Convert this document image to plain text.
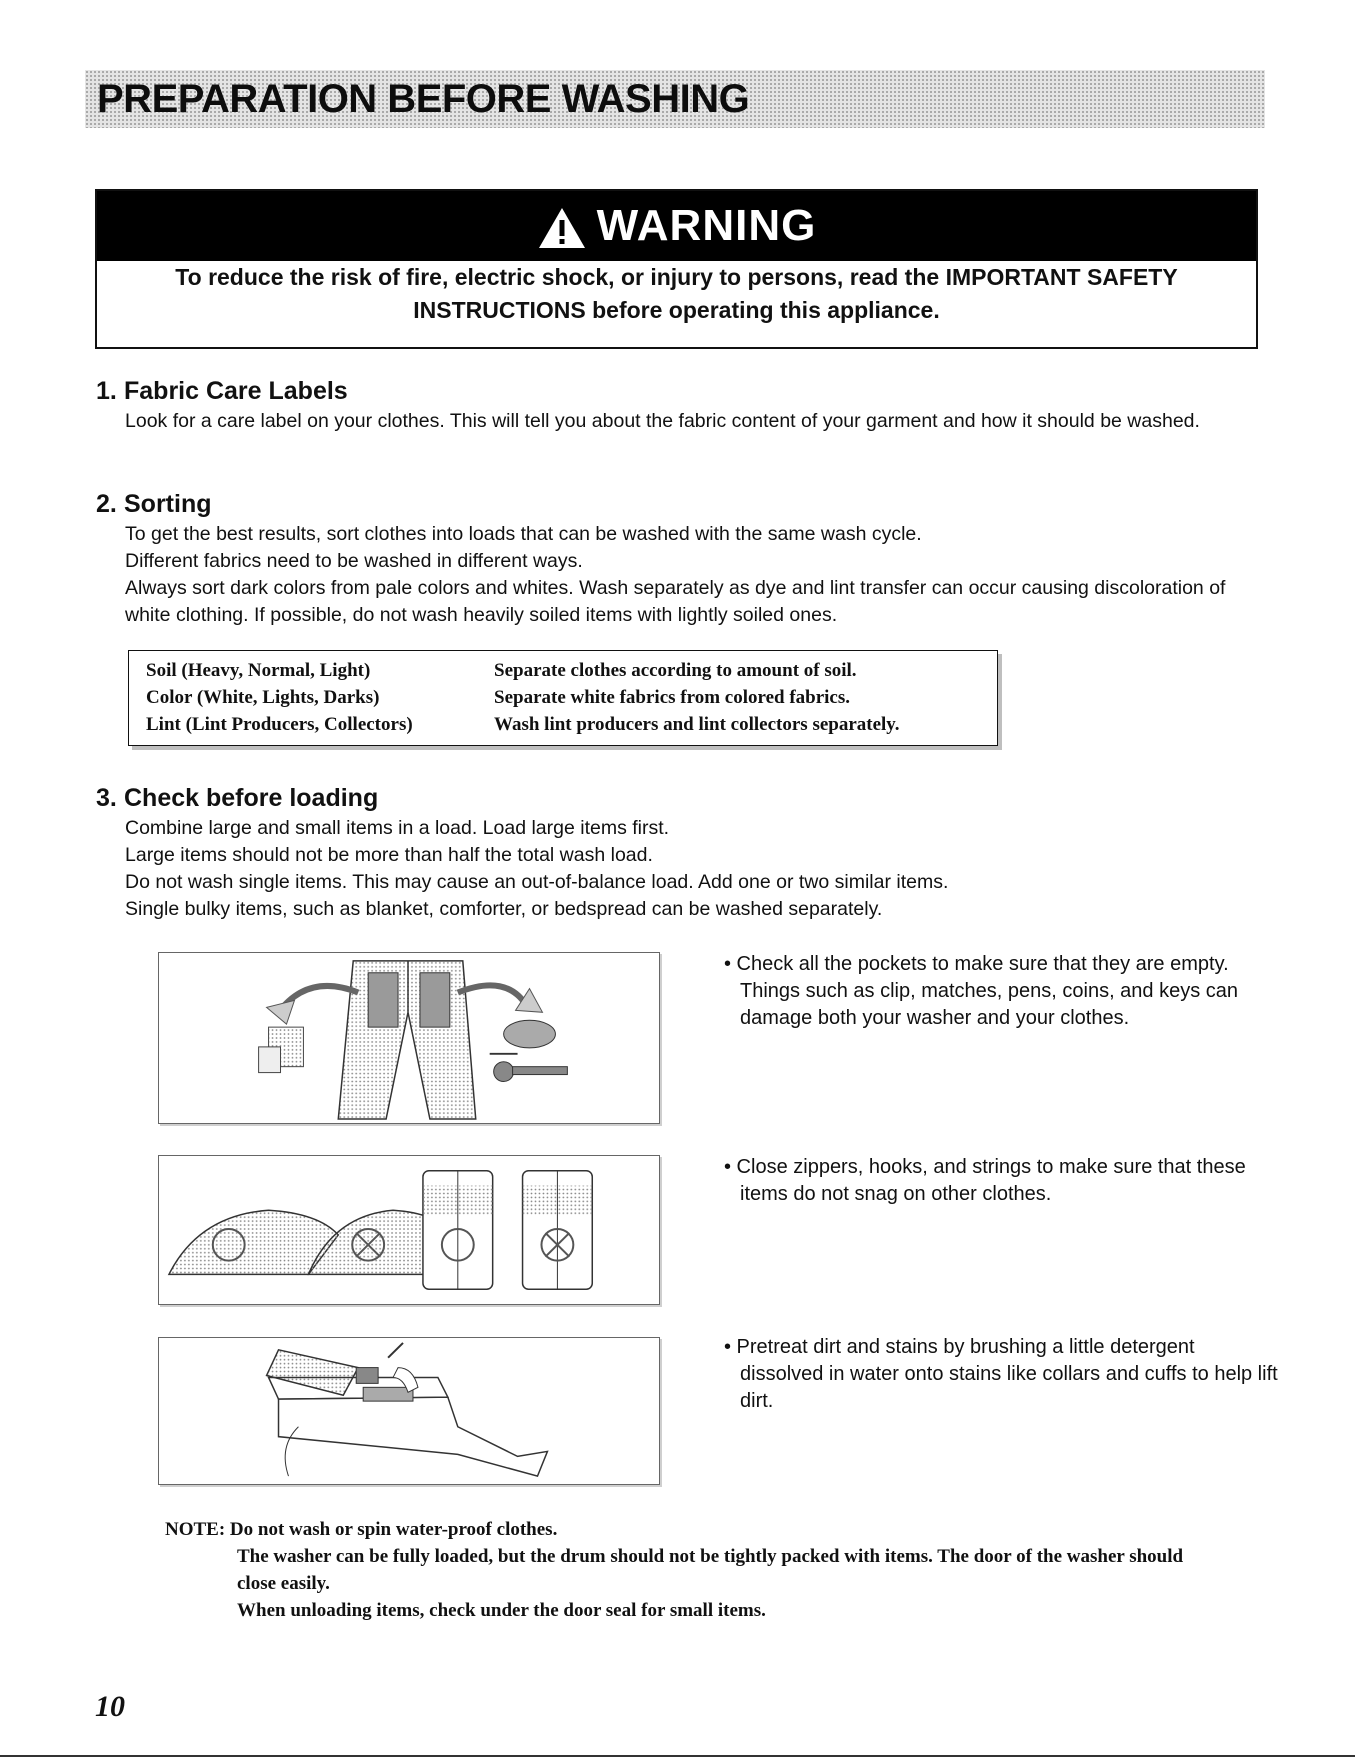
PREPARATION BEFORE WASHING
WARNING
To reduce the risk of fire, electric shock, or injury to persons, read the IMPORTANT SAFETY INSTRUCTIONS before operating this appliance.
1. Fabric Care Labels

Look for a care label on your clothes. This will tell you about the fabric content of your garment and how it should be washed.

2. Sorting

To get the best results, sort clothes into loads that can be washed with the same wash cycle.

Different fabrics need to be washed in different ways.

Always sort dark colors from pale colors and whites. Wash separately as dye and lint transfer can occur causing discoloration of white clothing. If possible, do not wash heavily soiled items with lightly soiled ones.

Soil (Heavy, Normal, Light)	Separate clothes according to amount of soil.
Color (White, Lights, Darks)	Separate white fabrics from colored fabrics.
Lint (Lint Producers, Collectors)	Wash lint producers and lint collectors separately.
3. Check before loading

Combine large and small items in a load. Load large items first.

Large items should not be more than half the total wash load.

Do not wash single items. This may cause an out-of-balance load. Add one or two similar items.

Single bulky items, such as blanket, comforter, or bedspread can be washed separately.

• Check all the pockets to make sure that they are empty. Things such as clip, matches, pens, coins, and keys can damage both your washer and your clothes.
• Close zippers, hooks, and strings to make sure that these items do not snag on other clothes.
• Pretreat dirt and stains by brushing a little detergent dissolved in water onto stains like collars and cuffs to help lift dirt.

NOTE: Do not wash or spin water-proof clothes.

The washer can be fully loaded, but the drum should not be tightly packed with items. The door of the washer should close easily.

When unloading items, check under the door seal for small items.

10
